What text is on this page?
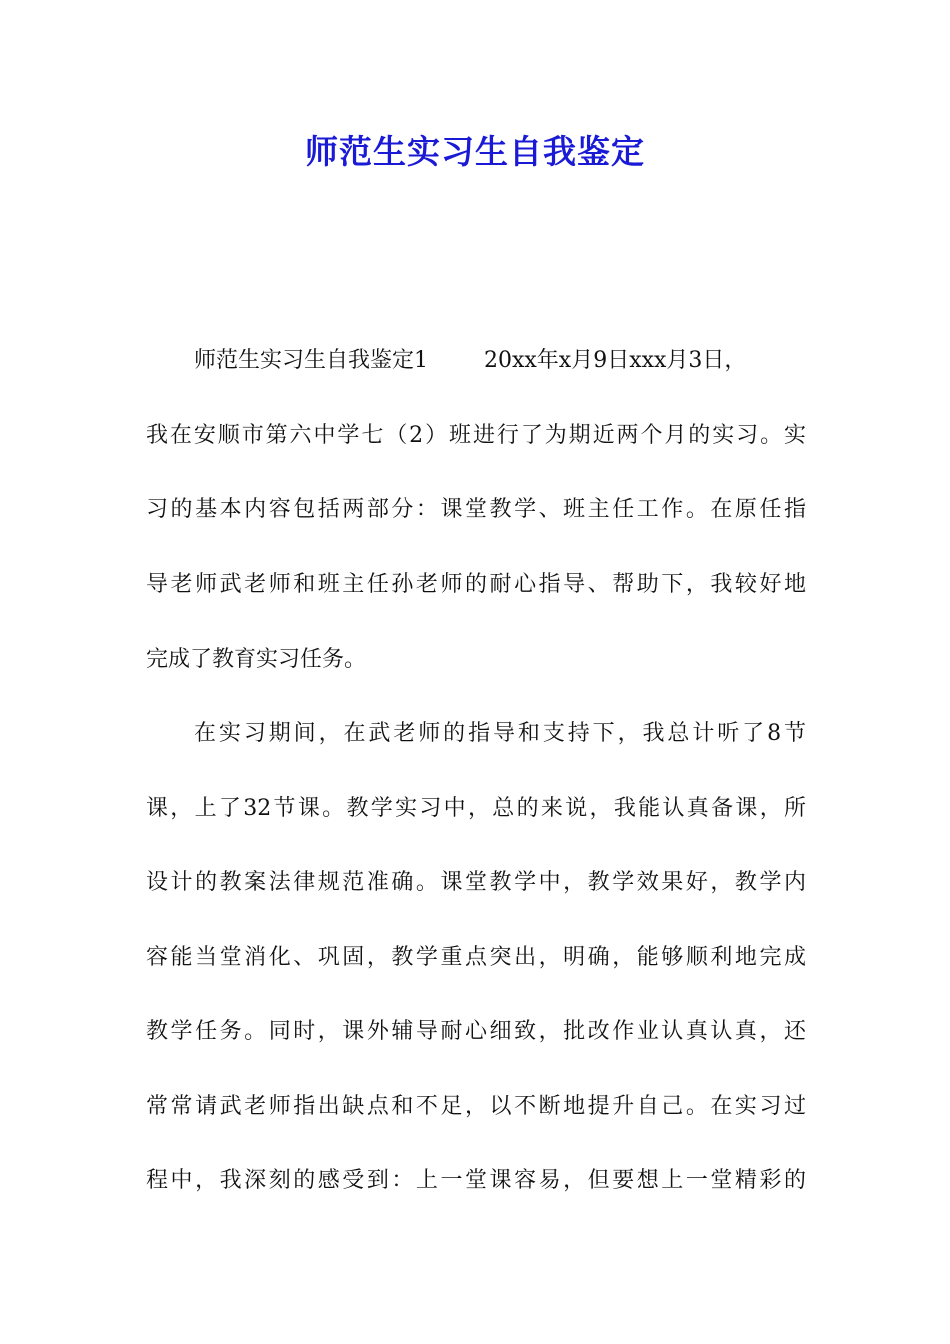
师范生实习生自我鉴定
师范生实习生自我鉴定1	20xx年x月9日xxx月3日，
我在安顺市第六中学七（2）班进行了为期近两个月的实习。实
习的基本内容包括两部分：课堂教学、班主任工作。在原任指
导老师武老师和班主任孙老师的耐心指导、帮助下，我较好地
完成了教育实习任务。
在实习期间，在武老师的指导和支持下，我总计听了8节
课，上了32节课。教学实习中，总的来说，我能认真备课，所
设计的教案法律规范准确。课堂教学中，教学效果好，教学内
容能当堂消化、巩固，教学重点突出，明确，能够顺利地完成
教学任务。同时，课外辅导耐心细致，批改作业认真认真，还
常常请武老师指出缺点和不足，以不断地提升自己。在实习过
程中，我深刻的感受到：上一堂课容易，但要想上一堂精彩的
